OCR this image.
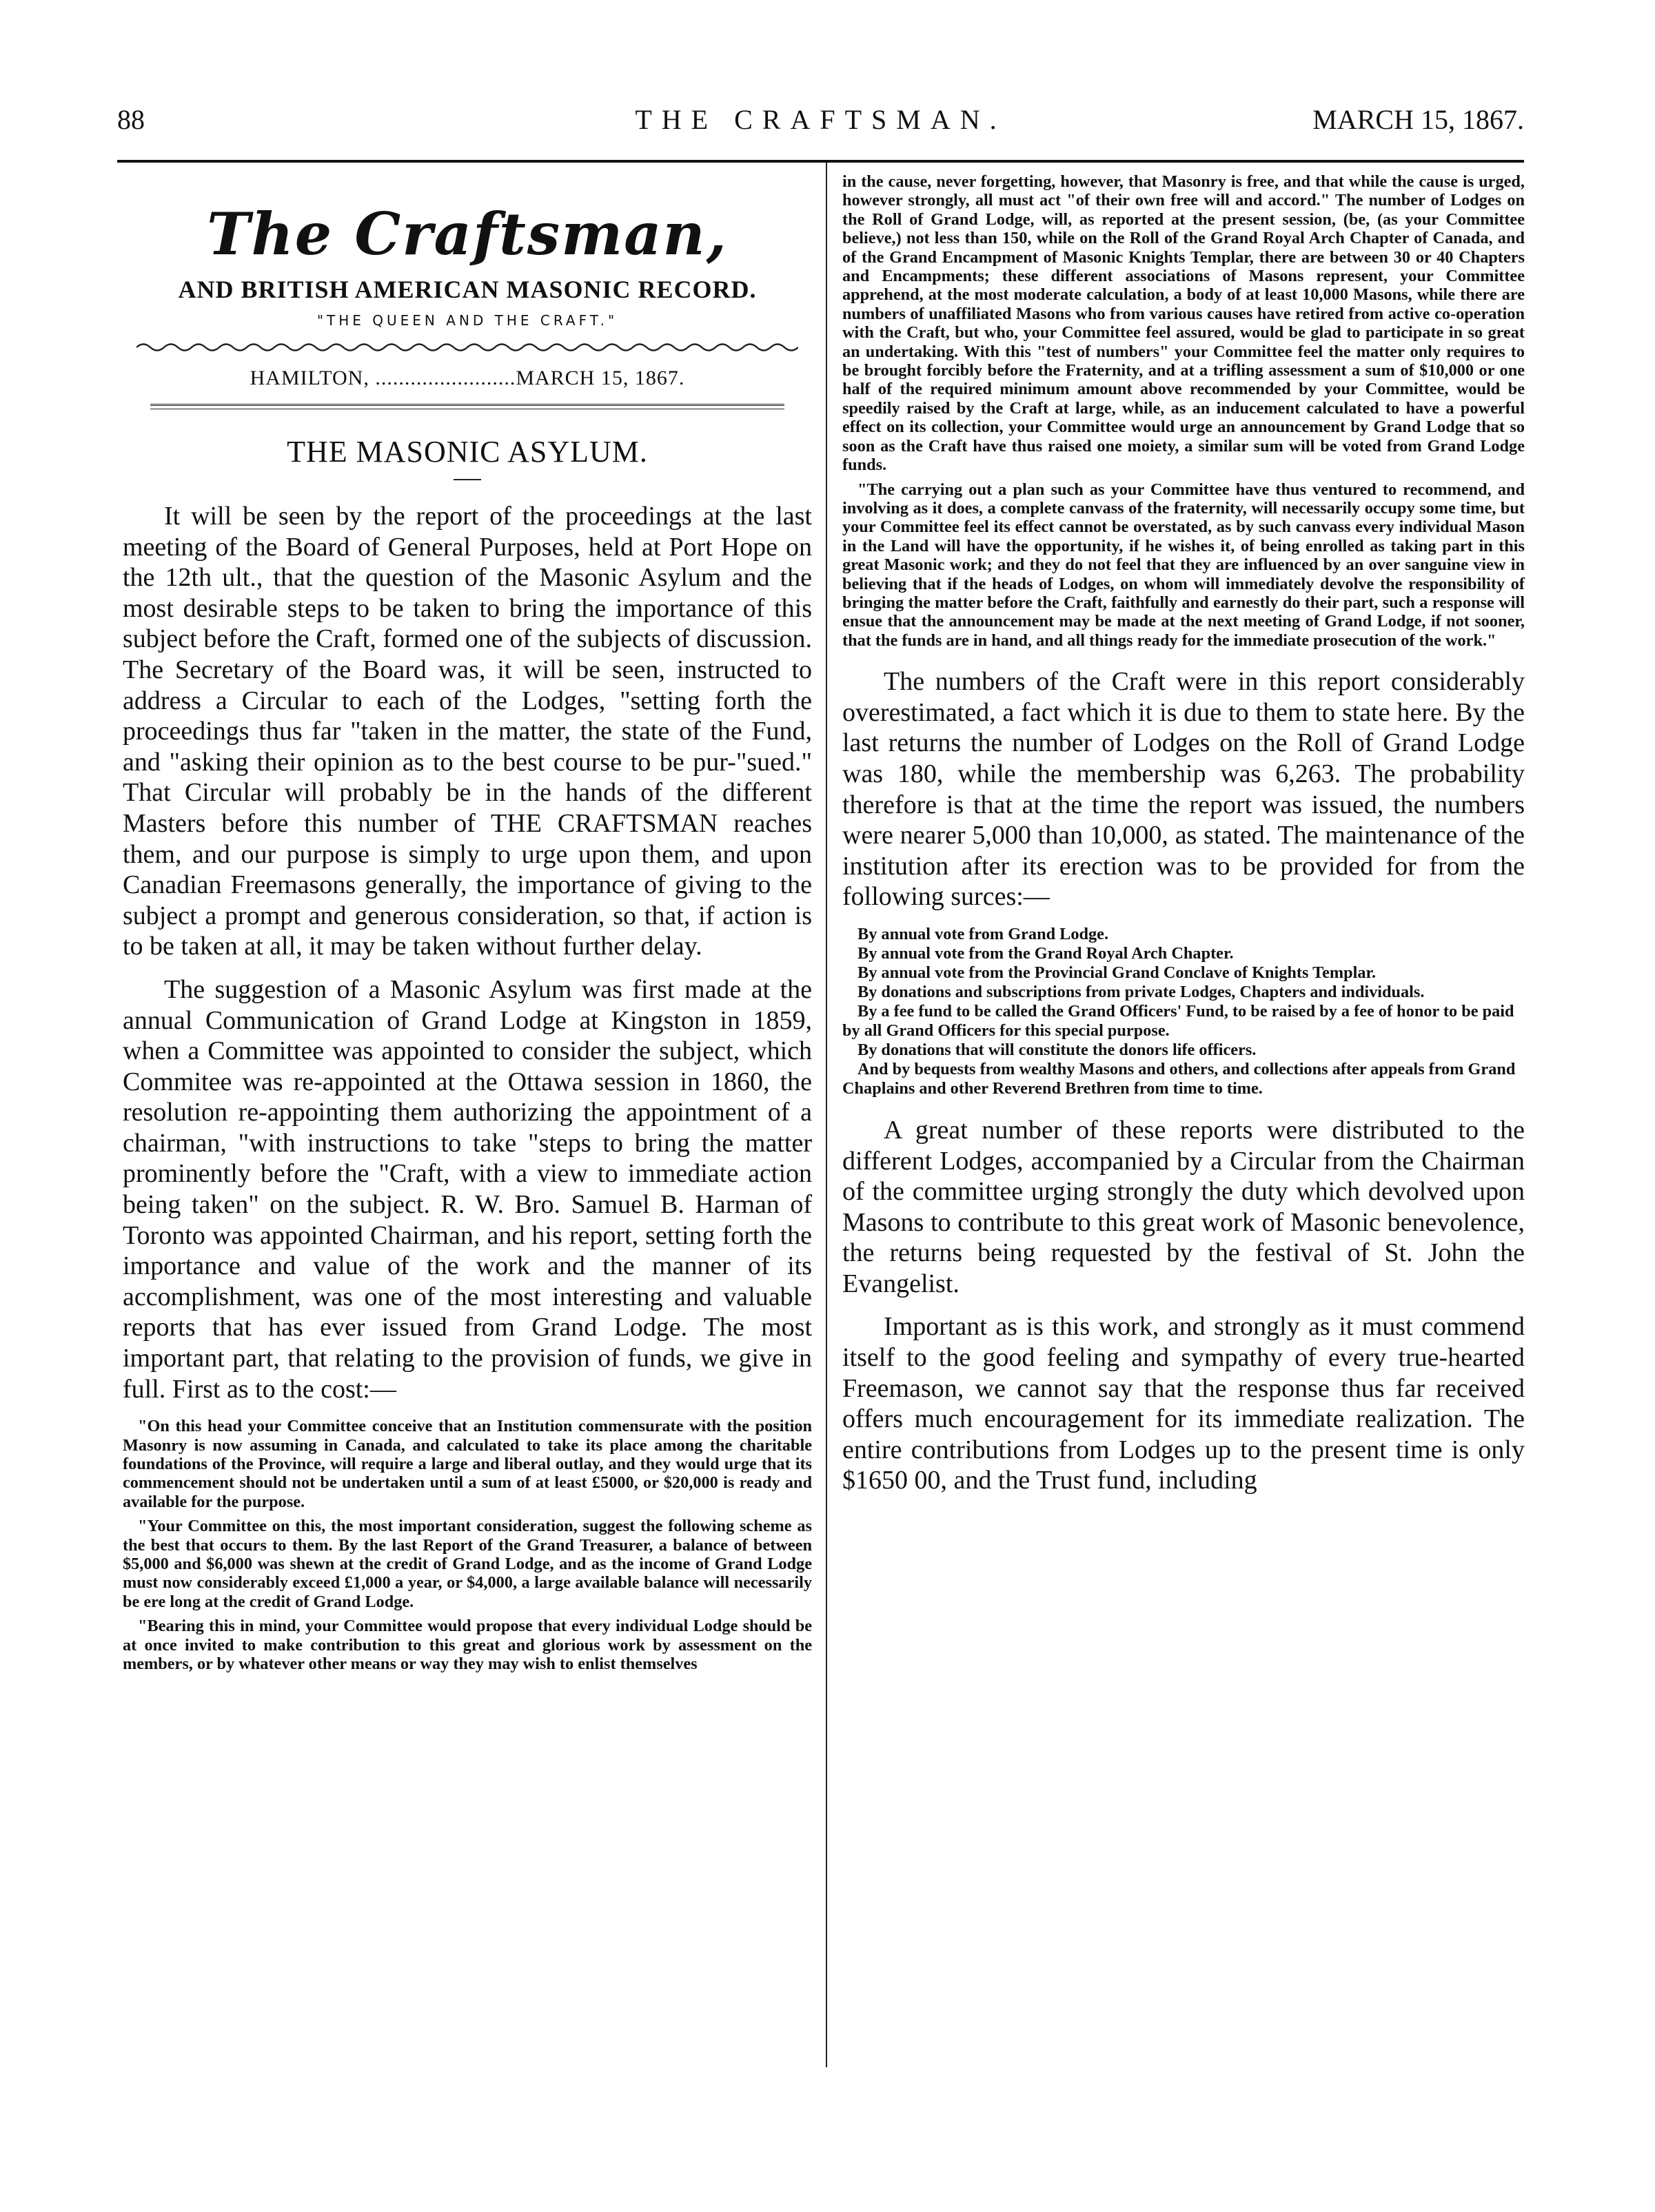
88	THE CRAFTSMAN.	MARCH 15, 1867.
The Craftsman,
AND BRITISH AMERICAN MASONIC RECORD.
"THE QUEEN AND THE CRAFT."
HAMILTON, ........................MARCH 15, 1867.
THE MASONIC ASYLUM.

It will be seen by the report of the proceedings at the last meeting of the Board of General Purposes, held at Port Hope on the 12th ult., that the question of the Masonic Asylum and the most desirable steps to be taken to bring the importance of this subject before the Craft, formed one of the subjects of discussion. The Secretary of the Board was, it will be seen, instructed to address a Circular to each of the Lodges, "setting forth the proceedings thus far "taken in the matter, the state of the Fund, and "asking their opinion as to the best course to be pur-"sued." That Circular will probably be in the hands of the different Masters before this number of THE CRAFTSMAN reaches them, and our purpose is simply to urge upon them, and upon Canadian Freemasons generally, the importance of giving to the subject a prompt and generous consideration, so that, if action is to be taken at all, it may be taken without further delay.

The suggestion of a Masonic Asylum was first made at the annual Communication of Grand Lodge at Kingston in 1859, when a Committee was appointed to consider the subject, which Commitee was re-appointed at the Ottawa session in 1860, the resolution re-appointing them authorizing the appointment of a chairman, "with instructions to take "steps to bring the matter prominently before the "Craft, with a view to immediate action being taken" on the subject. R. W. Bro. Samuel B. Harman of Toronto was appointed Chairman, and his report, setting forth the importance and value of the work and the manner of its accomplishment, was one of the most interesting and valuable reports that has ever issued from Grand Lodge. The most important part, that relating to the provision of funds, we give in full. First as to the cost:—

"On this head your Committee conceive that an Institution commensurate with the position Masonry is now assuming in Canada, and calculated to take its place among the charitable foundations of the Province, will require a large and liberal outlay, and they would urge that its commencement should not be undertaken until a sum of at least £5000, or $20,000 is ready and available for the purpose.

"Your Committee on this, the most important consideration, suggest the following scheme as the best that occurs to them. By the last Report of the Grand Treasurer, a balance of between $5,000 and $6,000 was shewn at the credit of Grand Lodge, and as the income of Grand Lodge must now considerably exceed £1,000 a year, or $4,000, a large available balance will necessarily be ere long at the credit of Grand Lodge.

"Bearing this in mind, your Committee would propose that every individual Lodge should be at once invited to make contribution to this great and glorious work by assessment on the members, or by whatever other means or way they may wish to enlist themselves

in the cause, never forgetting, however, that Masonry is free, and that while the cause is urged, however strongly, all must act "of their own free will and accord." The number of Lodges on the Roll of Grand Lodge, will, as reported at the present session, (be, (as your Committee believe,) not less than 150, while on the Roll of the Grand Royal Arch Chapter of Canada, and of the Grand Encampment of Masonic Knights Templar, there are between 30 or 40 Chapters and Encampments; these different associations of Masons represent, your Committee apprehend, at the most moderate calculation, a body of at least 10,000 Masons, while there are numbers of unaffiliated Masons who from various causes have retired from active co-operation with the Craft, but who, your Committee feel assured, would be glad to participate in so great an undertaking. With this "test of numbers" your Committee feel the matter only requires to be brought forcibly before the Fraternity, and at a trifling assessment a sum of $10,000 or one half of the required minimum amount above recommended by your Committee, would be speedily raised by the Craft at large, while, as an inducement calculated to have a powerful effect on its collection, your Committee would urge an announcement by Grand Lodge that so soon as the Craft have thus raised one moiety, a similar sum will be voted from Grand Lodge funds.

"The carrying out a plan such as your Committee have thus ventured to recommend, and involving as it does, a complete canvass of the fraternity, will necessarily occupy some time, but your Committee feel its effect cannot be overstated, as by such canvass every individual Mason in the Land will have the opportunity, if he wishes it, of being enrolled as taking part in this great Masonic work; and they do not feel that they are influenced by an over sanguine view in believing that if the heads of Lodges, on whom will immediately devolve the responsibility of bringing the matter before the Craft, faithfully and earnestly do their part, such a response will ensue that the announcement may be made at the next meeting of Grand Lodge, if not sooner, that the funds are in hand, and all things ready for the immediate prosecution of the work."

The numbers of the Craft were in this report considerably overestimated, a fact which it is due to them to state here. By the last returns the number of Lodges on the Roll of Grand Lodge was 180, while the membership was 6,263. The probability therefore is that at the time the report was issued, the numbers were nearer 5,000 than 10,000, as stated. The maintenance of the institution after its erection was to be provided for from the following surces:—

By annual vote from Grand Lodge.
By annual vote from the Grand Royal Arch Chapter.
By annual vote from the Provincial Grand Conclave of Knights Templar.
By donations and subscriptions from private Lodges, Chapters and individuals.
By a fee fund to be called the Grand Officers' Fund, to be raised by a fee of honor to be paid by all Grand Officers for this special purpose.
By donations that will constitute the donors life officers.
And by bequests from wealthy Masons and others, and collections after appeals from Grand Chaplains and other Reverend Brethren from time to time.

A great number of these reports were distributed to the different Lodges, accompanied by a Circular from the Chairman of the committee urging strongly the duty which devolved upon Masons to contribute to this great work of Masonic benevolence, the returns being requested by the festival of St. John the Evangelist.

Important as is this work, and strongly as it must commend itself to the good feeling and sympathy of every true-hearted Freemason, we cannot say that the response thus far received offers much encouragement for its immediate realization. The entire contributions from Lodges up to the present time is only $1650 00, and the Trust fund, including
